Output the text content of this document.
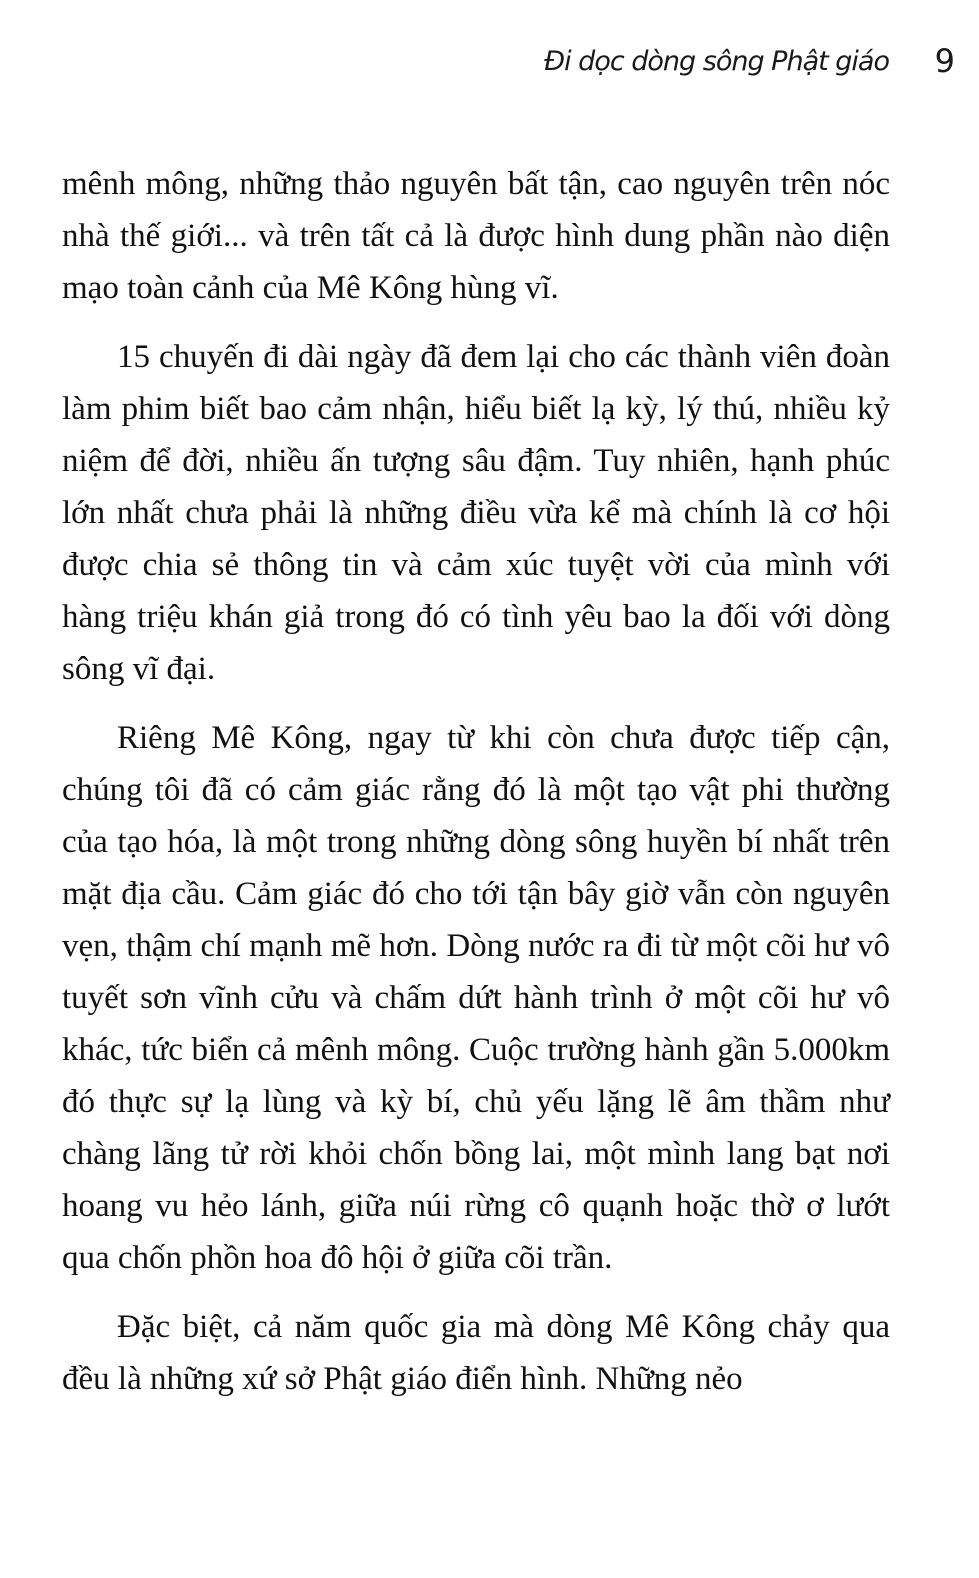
Đi dọc dòng sông Phật giáo 9

mênh mông, những thảo nguyên bất tận, cao nguyên trên nóc nhà thế giới... và trên tất cả là được hình dung phần nào diện mạo toàn cảnh của Mê Kông hùng vĩ.

15 chuyến đi dài ngày đã đem lại cho các thành viên đoàn làm phim biết bao cảm nhận, hiểu biết lạ kỳ, lý thú, nhiều kỷ niệm để đời, nhiều ấn tượng sâu đậm. Tuy nhiên, hạnh phúc lớn nhất chưa phải là những điều vừa kể mà chính là cơ hội được chia sẻ thông tin và cảm xúc tuyệt vời của mình với hàng triệu khán giả trong đó có tình yêu bao la đối với dòng sông vĩ đại.

Riêng Mê Kông, ngay từ khi còn chưa được tiếp cận, chúng tôi đã có cảm giác rằng đó là một tạo vật phi thường của tạo hóa, là một trong những dòng sông huyền bí nhất trên mặt địa cầu. Cảm giác đó cho tới tận bây giờ vẫn còn nguyên vẹn, thậm chí mạnh mẽ hơn. Dòng nước ra đi từ một cõi hư vô tuyết sơn vĩnh cửu và chấm dứt hành trình ở một cõi hư vô khác, tức biển cả mênh mông. Cuộc trường hành gần 5.000km đó thực sự lạ lùng và kỳ bí, chủ yếu lặng lẽ âm thầm như chàng lãng tử rời khỏi chốn bồng lai, một mình lang bạt nơi hoang vu hẻo lánh, giữa núi rừng cô quạnh hoặc thờ ơ lướt qua chốn phồn hoa đô hội ở giữa cõi trần.

Đặc biệt, cả năm quốc gia mà dòng Mê Kông chảy qua đều là những xứ sở Phật giáo điển hình. Những nẻo
